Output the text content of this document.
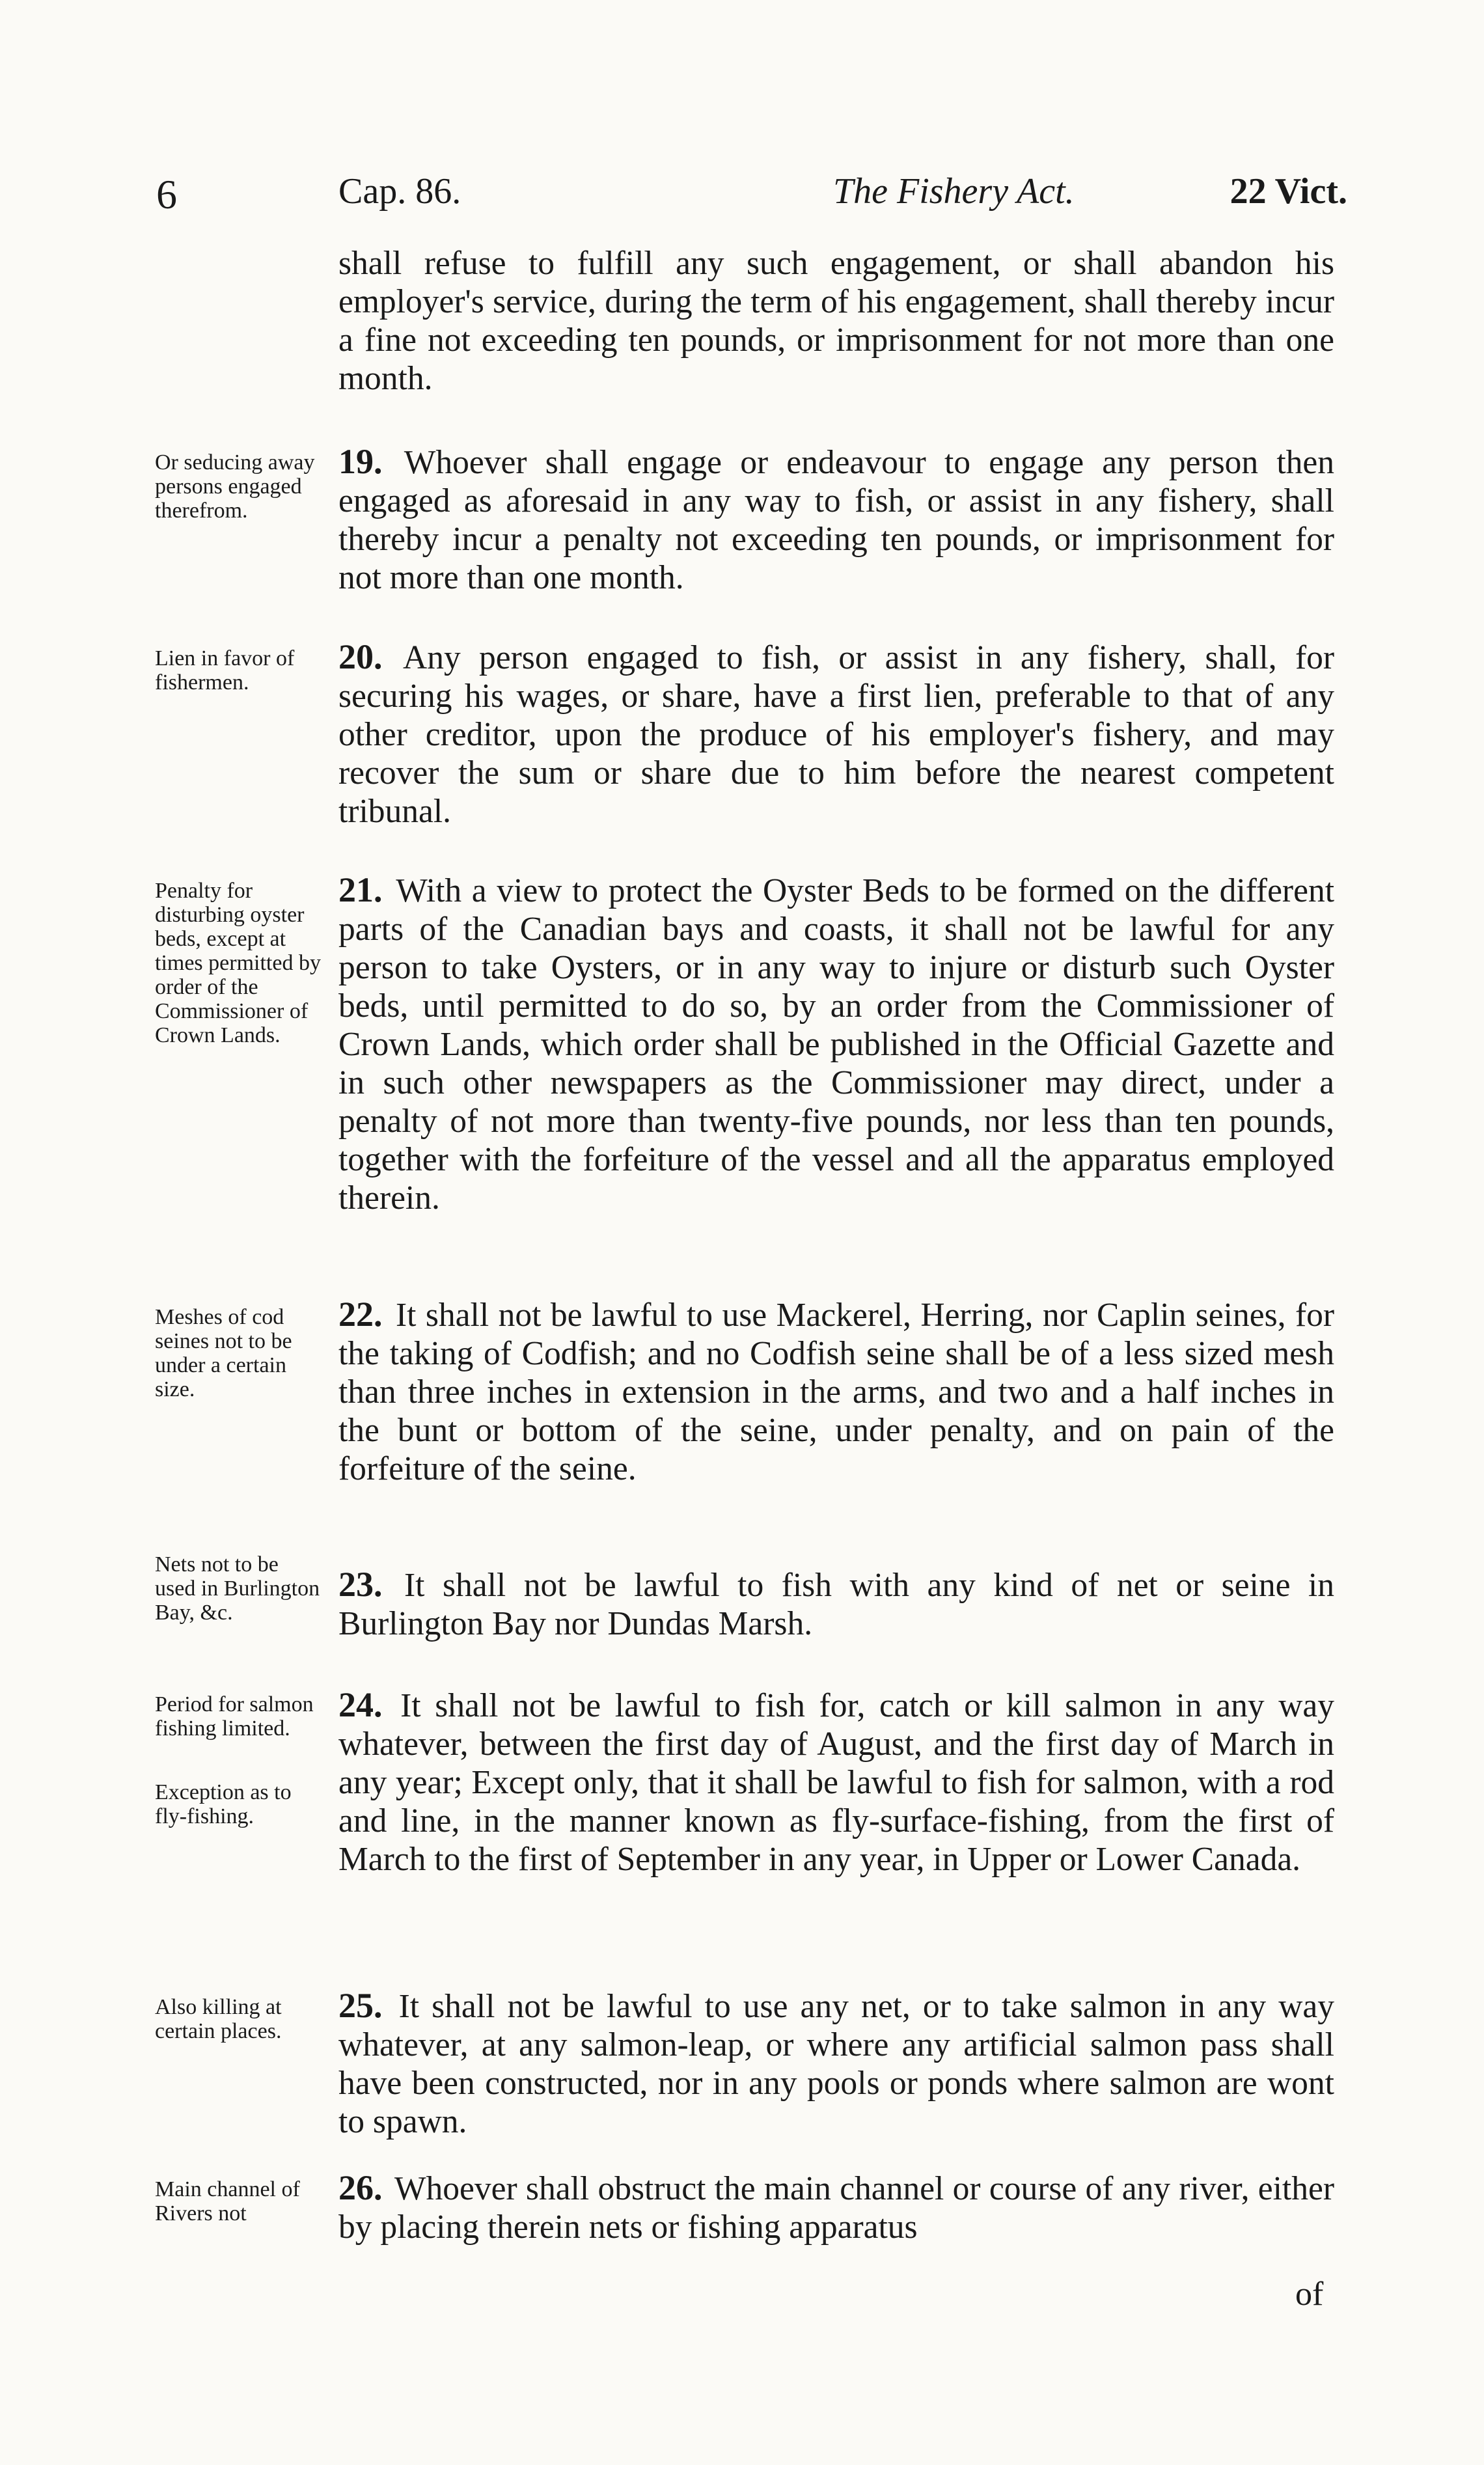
6	Cap. 86.	The Fishery Act.	22 Vict.

shall refuse to fulfill any such engagement, or shall abandon his employer's service, during the term of his engagement, shall thereby incur a fine not exceeding ten pounds, or imprisonment for not more than one month.

Or seducing away persons engaged therefrom.

19. Whoever shall engage or endeavour to engage any person then engaged as aforesaid in any way to fish, or assist in any fishery, shall thereby incur a penalty not exceeding ten pounds, or imprisonment for not more than one month.

Lien in favor of fishermen.

20. Any person engaged to fish, or assist in any fishery, shall, for securing his wages, or share, have a first lien, preferable to that of any other creditor, upon the produce of his employer's fishery, and may recover the sum or share due to him before the nearest competent tribunal.

Penalty for disturbing oyster beds, except at times permitted by order of the Commissioner of Crown Lands.

21. With a view to protect the Oyster Beds to be formed on the different parts of the Canadian bays and coasts, it shall not be lawful for any person to take Oysters, or in any way to injure or disturb such Oyster beds, until permitted to do so, by an order from the Commissioner of Crown Lands, which order shall be published in the Official Gazette and in such other newspapers as the Commissioner may direct, under a penalty of not more than twenty-five pounds, nor less than ten pounds, together with the forfeiture of the vessel and all the apparatus employed therein.

Meshes of cod seines not to be under a certain size.

22. It shall not be lawful to use Mackerel, Herring, nor Caplin seines, for the taking of Codfish; and no Codfish seine shall be of a less sized mesh than three inches in extension in the arms, and two and a half inches in the bunt or bottom of the seine, under penalty, and on pain of the forfeiture of the seine.

Nets not to be used in Burlington Bay, &c.

23. It shall not be lawful to fish with any kind of net or seine in Burlington Bay nor Dundas Marsh.

Period for salmon fishing limited.

Exception as to fly-fishing.

24. It shall not be lawful to fish for, catch or kill salmon in any way whatever, between the first day of August, and the first day of March in any year; Except only, that it shall be lawful to fish for salmon, with a rod and line, in the manner known as fly-surface-fishing, from the first of March to the first of September in any year, in Upper or Lower Canada.

Also killing at certain places.

25. It shall not be lawful to use any net, or to take salmon in any way whatever, at any salmon-leap, or where any artificial salmon pass shall have been constructed, nor in any pools or ponds where salmon are wont to spawn.

Main channel of Rivers not

26. Whoever shall obstruct the main channel or course of any river, either by placing therein nets or fishing apparatus

of
